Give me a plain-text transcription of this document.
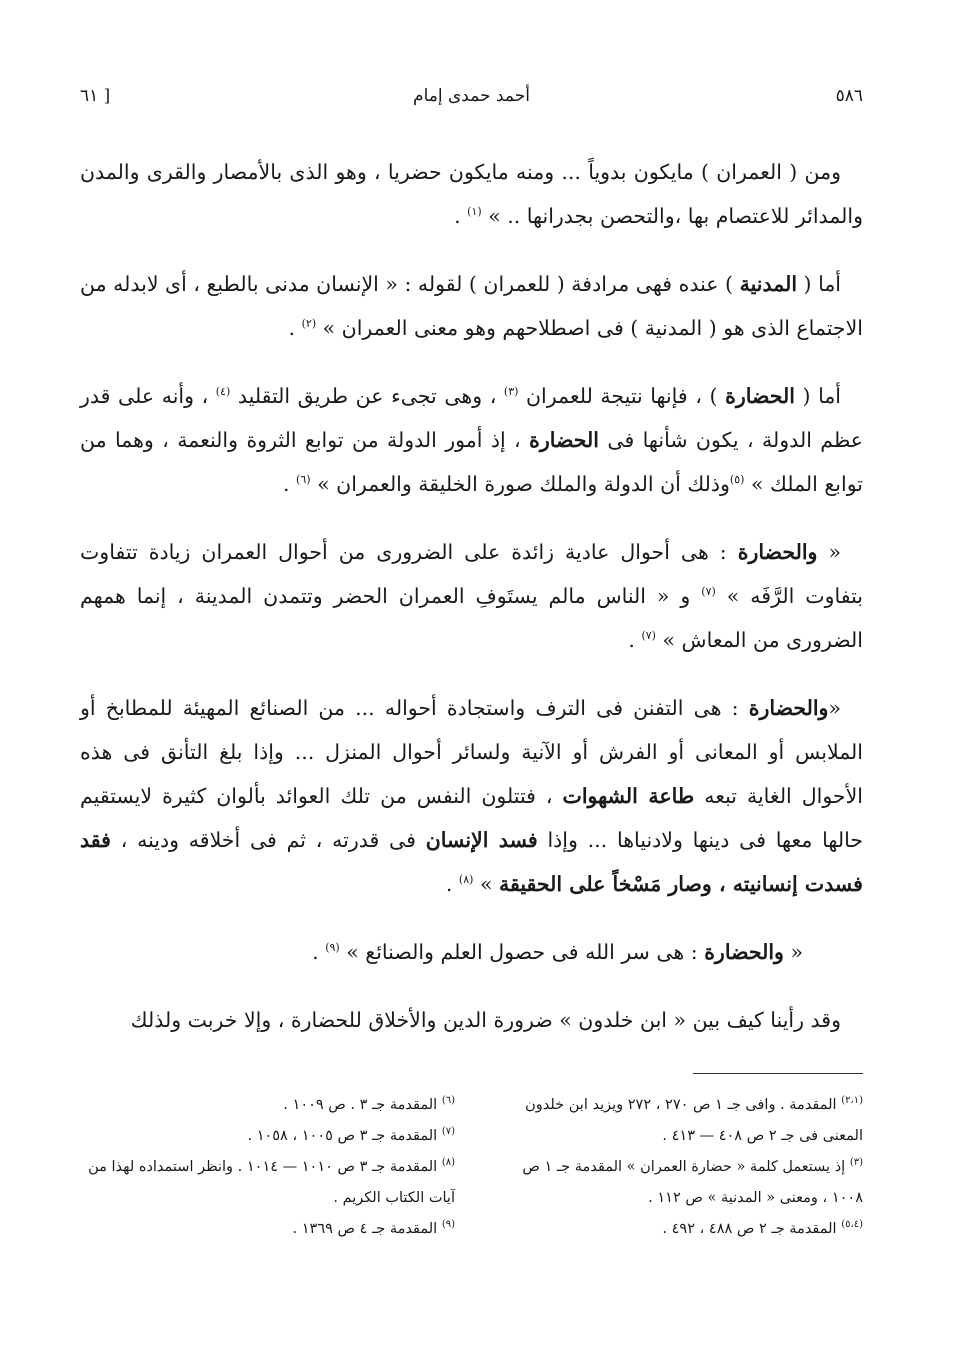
٥٨٦
أحمد حمدى إمام
[ ٦١

ومن ( العمران ) مايكون بدوياً ... ومنه مايكون حضريا ، وهو الذى بالأمصار والقرى والمدن والمدائر للاعتصام بها ،والتحصن بجدرانها .. » $^{(١)}$ .

أما ( المدنية ) عنده فهى مرادفة ( للعمران ) لقوله : « الإنسان مدنى بالطبع ، أى لابدله من الاجتماع الذى هو ( المدنية ) فى اصطلاحهم وهو معنى العمران » $^{(٢)}$ .

أما ( الحضارة ) ، فإنها نتيجة للعمران $^{(٣)}$ ، وهى تجىء عن طريق التقليد $^{(٤)}$ ، وأنه على قدر عظم الدولة ، يكون شأنها فى الحضارة ، إذ أمور الدولة من توابع الثروة والنعمة ، وهما من توابع الملك » $^{(٥)}$وذلك أن الدولة والملك صورة الخليقة والعمران » $^{(٦)}$ .

« والحضارة : هى أحوال عادية زائدة على الضرورى من أحوال العمران زيادة تتفاوت بتفاوت الرَّفَه » $^{(٧)}$ و « الناس مالم يستَوفِ العمران الحضر وتتمدن المدينة ، إنما همهم الضرورى من المعاش » $^{(٧)}$ .

«والحضارة : هى التفنن فى الترف واستجادة أحواله ... من الصنائع المهيئة للمطابخ أو الملابس أو المعانى أو الفرش أو الآنية ولسائر أحوال المنزل ... وإذا بلغ التأنق فى هذه الأحوال الغاية تبعه طاعة الشهوات ، فتتلون النفس من تلك العوائد بألوان كثيرة لايستقيم حالها معها فى دينها ولادنياها ... وإذا فسد الإنسان فى قدرته ، ثم فى أخلاقه ودينه ، فقد فسدت إنسانيته ، وصار مَسْخاً على الحقيقة » $^{(٨)}$ .

« والحضارة : هى سر الله فى حصول العلم والصنائع » $^{(٩)}$ .

وقد رأينا كيف بين « ابن خلدون » ضرورة الدين والأخلاق للحضارة ، وإلا خربت ولذلك

$^{(٢،١)}$ المقدمة . وافى جـ ١ ص ٢٧٠ ، ٢٧٢ ويزيد ابن خلدون المعنى فى جـ ٢ ص ٤٠٨ — ٤١٣ .

$^{(٣)}$ إذ يستعمل كلمة « حضارة العمران » المقدمة جـ ١ ص ١٠٠٨ ، ومعنى « المدنية » ص ١١٢ .

$^{(٥،٤)}$ المقدمة جـ ٢ ص ٤٨٨ ، ٤٩٢ .

$^{(٦)}$ المقدمة جـ ٣ . ص ١٠٠٩ .

$^{(٧)}$ المقدمة جـ ٣ ص ١٠٠٥ ، ١٠٥٨ .

$^{(٨)}$ المقدمة جـ ٣ ص ١٠١٠ — ١٠١٤ . وانظر استمداده لهذا من آيات الكتاب الكريم .

$^{(٩)}$ المقدمة جـ ٤ ص ١٣٦٩ .
